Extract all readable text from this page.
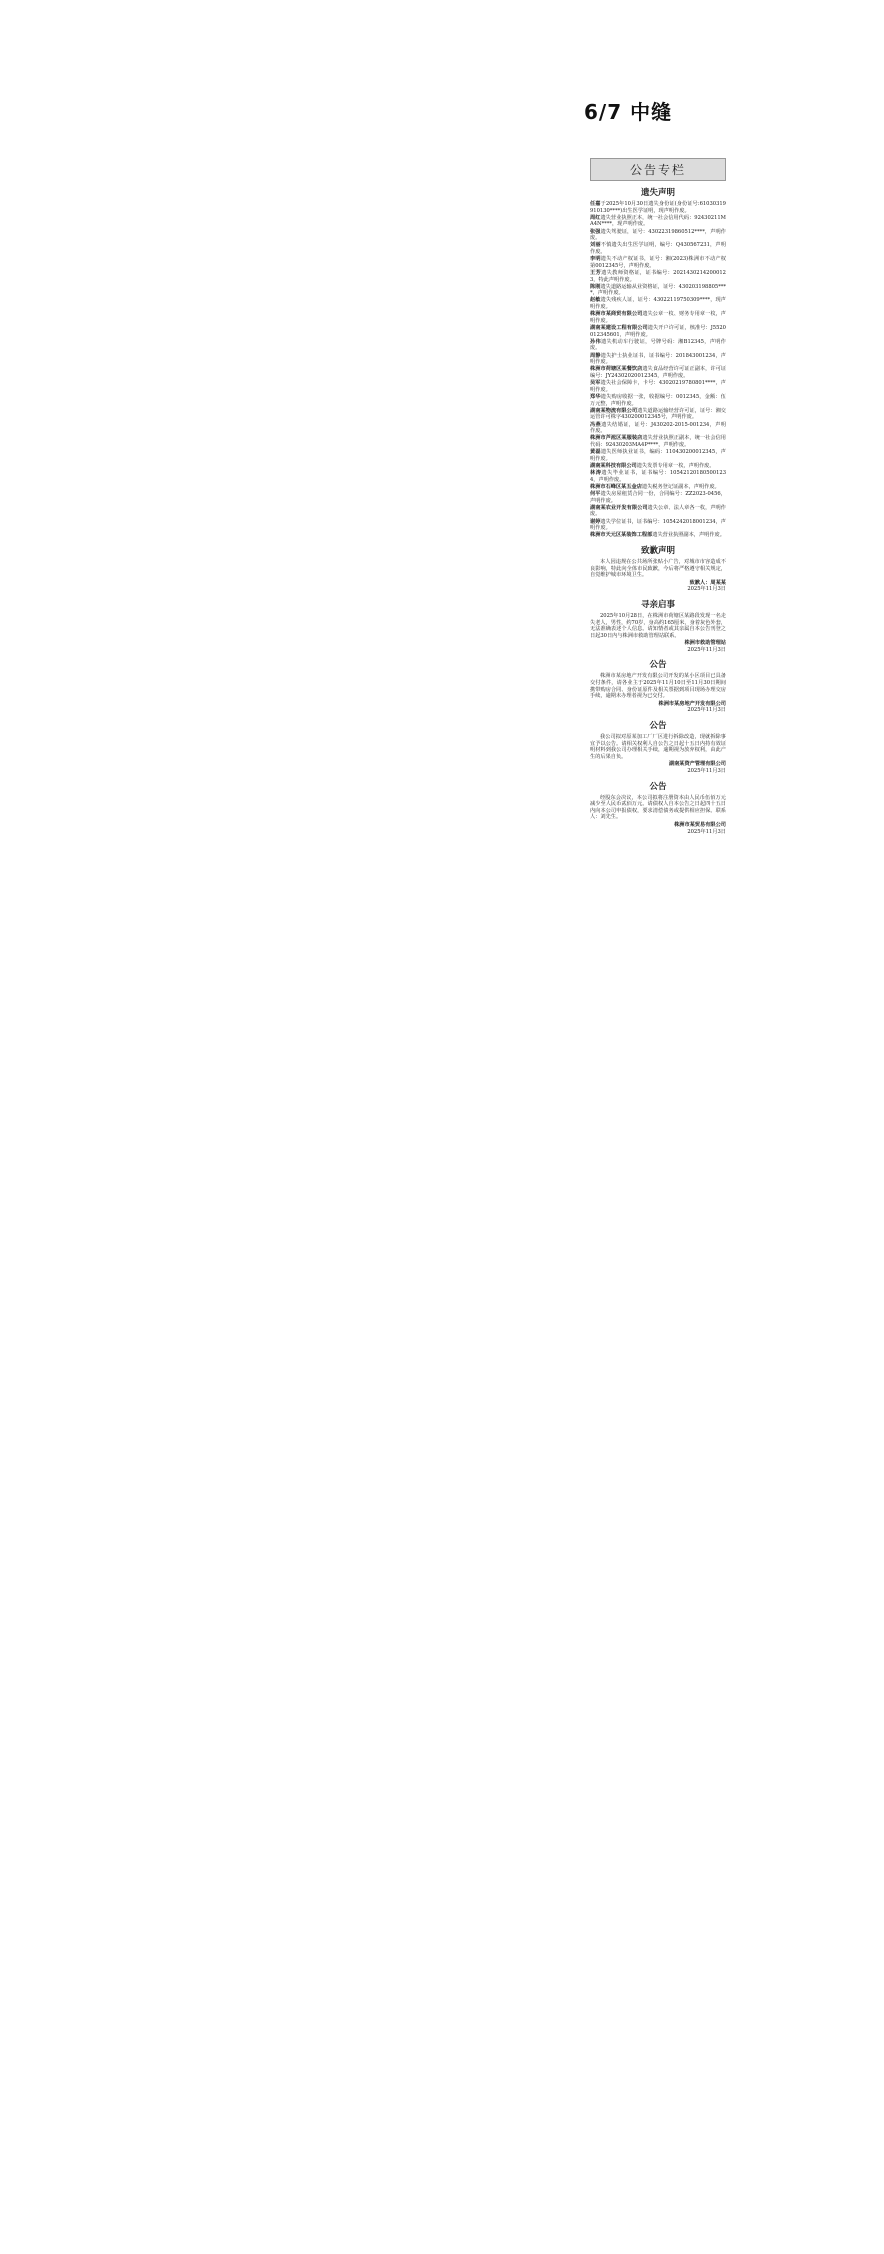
6/7 中缝
公告专栏
遗失声明

任嘉于2025年10月30日遗失身份证(身份证号:61030319910130****)出生医学证明，现声明作废。

周红遗失营业执照正本，统一社会信用代码：92430211MA4N****，现声明作废。

张强遗失驾驶证，证号：43022319860512****，声明作废。

刘丽不慎遗失出生医学证明，编号：Q430567231，声明作废。

李明遗失不动产权证书，证号：湘(2023)株洲市不动产权第0012345号，声明作废。

王芳遗失教师资格证，证书编号：20214302142000123，特此声明作废。

陈刚遗失道路运输从业资格证，证号：430203198805****，声明作废。

赵敏遗失残疾人证，证号：43022119750309****，现声明作废。

株洲市某商贸有限公司遗失公章一枚、财务专用章一枚，声明作废。

湖南某建设工程有限公司遗失开户许可证，核准号：J5520012345601，声明作废。

孙伟遗失机动车行驶证，号牌号码：湘B12345，声明作废。

周静遗失护士执业证书，证书编号：201843001234，声明作废。

株洲市荷塘区某餐饮店遗失食品经营许可证正副本，许可证编号：JY24302020012345，声明作废。

吴军遗失社会保障卡，卡号：43020219780801****，声明作废。

郑华遗失购房收据一张，收据编号：0012345，金额：伍万元整，声明作废。

湖南某物流有限公司遗失道路运输经营许可证，证号：湘交运管许可株字430200012345号，声明作废。

冯燕遗失结婚证，证号：J430202-2015-001234，声明作废。

株洲市芦淞区某服装店遗失营业执照正副本，统一社会信用代码：92430203MA4P****，声明作废。

黄磊遗失医师执业证书，编码：110430200012345，声明作废。

湖南某科技有限公司遗失发票专用章一枚，声明作废。

林涛遗失毕业证书，证书编号：105421201805001234，声明作废。

株洲市石峰区某五金店遗失税务登记证副本，声明作废。

何平遗失房屋租赁合同一份，合同编号：ZZ2023-0456，声明作废。

湖南某农业开发有限公司遗失公章、法人章各一枚，声明作废。

谢婷遗失学位证书，证书编号：1054242018001234，声明作废。

株洲市天元区某装饰工程部遗失营业执照副本，声明作废。

致歉声明
本人因违规在公共场所张贴小广告，对城市市容造成不良影响，特此向全体市民致歉，今后将严格遵守相关规定，自觉维护城市环境卫生。
致歉人：周某某
2025年11月3日
寻亲启事
2025年10月28日，在株洲市荷塘区某路段发现一名走失老人，男性，约70岁，身高约165厘米，身着灰色外套，无法准确表述个人信息。请知情者或其亲属自本公告刊登之日起30日内与株洲市救助管理站联系。
株洲市救助管理站
2025年11月3日
公告
株洲市某房地产开发有限公司开发的某小区项目已具备交付条件，请各业主于2025年11月10日至11月30日期间携带购房合同、身份证原件及相关票据到项目现场办理交房手续，逾期未办理者视为已交付。
株洲市某房地产开发有限公司
2025年11月3日
公告
我公司拟对原某加工厂厂区进行拆除改造，现就拆除事宜予以公告。请相关权利人自公告之日起十五日内持有效证明材料到我公司办理相关手续，逾期视为放弃权利，由此产生的后果自负。
湖南某资产管理有限公司
2025年11月3日
公告
经股东会决议，本公司拟将注册资本由人民币伍佰万元减少至人民币贰佰万元。请债权人自本公告之日起四十五日内向本公司申报债权，要求清偿债务或提供相应担保。联系人：刘先生。
株洲市某贸易有限公司
2025年11月3日
